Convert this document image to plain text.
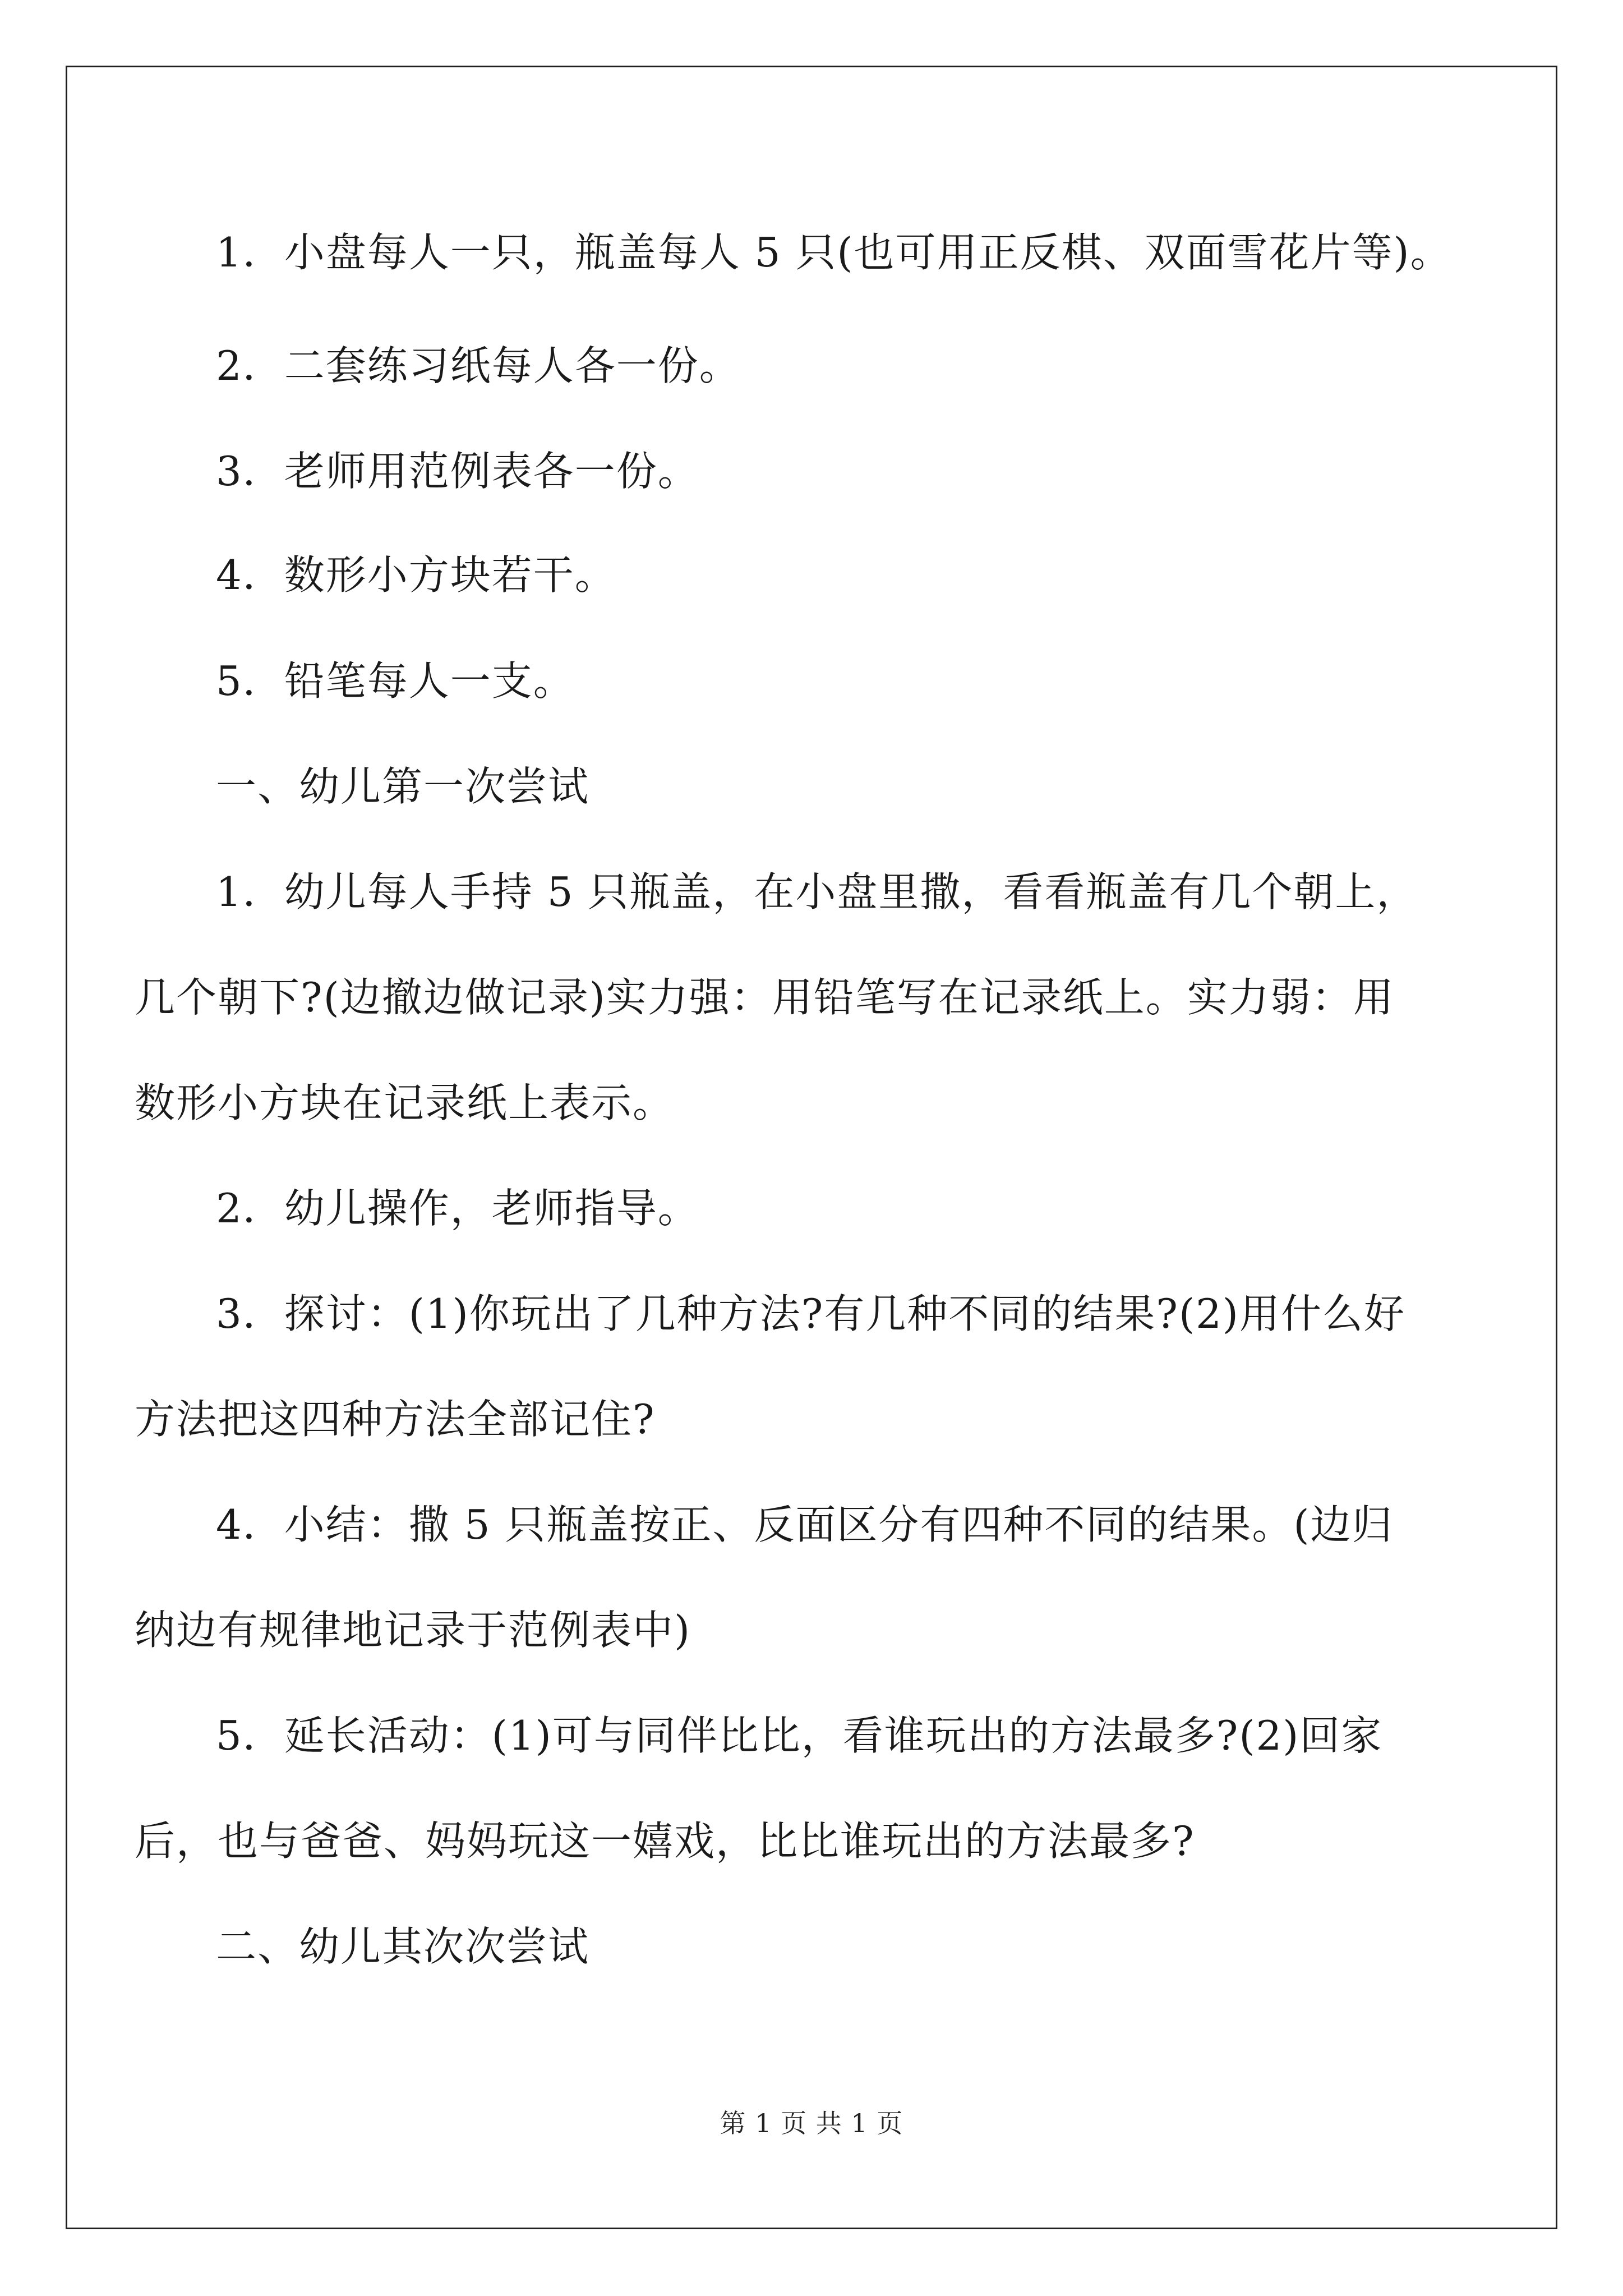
1．小盘每人一只，瓶盖每人 5 只(也可用正反棋、双面雪花片等)。
2．二套练习纸每人各一份。
3．老师用范例表各一份。
4．数形小方块若干。
5．铅笔每人一支。
一、幼儿第一次尝试
1．幼儿每人手持 5 只瓶盖，在小盘里撒，看看瓶盖有几个朝上，
几个朝下?(边撤边做记录)实力强：用铅笔写在记录纸上。实力弱：用
数形小方块在记录纸上表示。
2．幼儿操作，老师指导。
3．探讨：(1)你玩出了几种方法?有几种不同的结果?(2)用什么好
方法把这四种方法全部记住?
4．小结：撒 5 只瓶盖按正、反面区分有四种不同的结果。(边归
纳边有规律地记录于范例表中)
5．延长活动：(1)可与同伴比比，看谁玩出的方法最多?(2)回家
后，也与爸爸、妈妈玩这一嬉戏，比比谁玩出的方法最多?
二、幼儿其次次尝试
第 1 页 共 1 页
